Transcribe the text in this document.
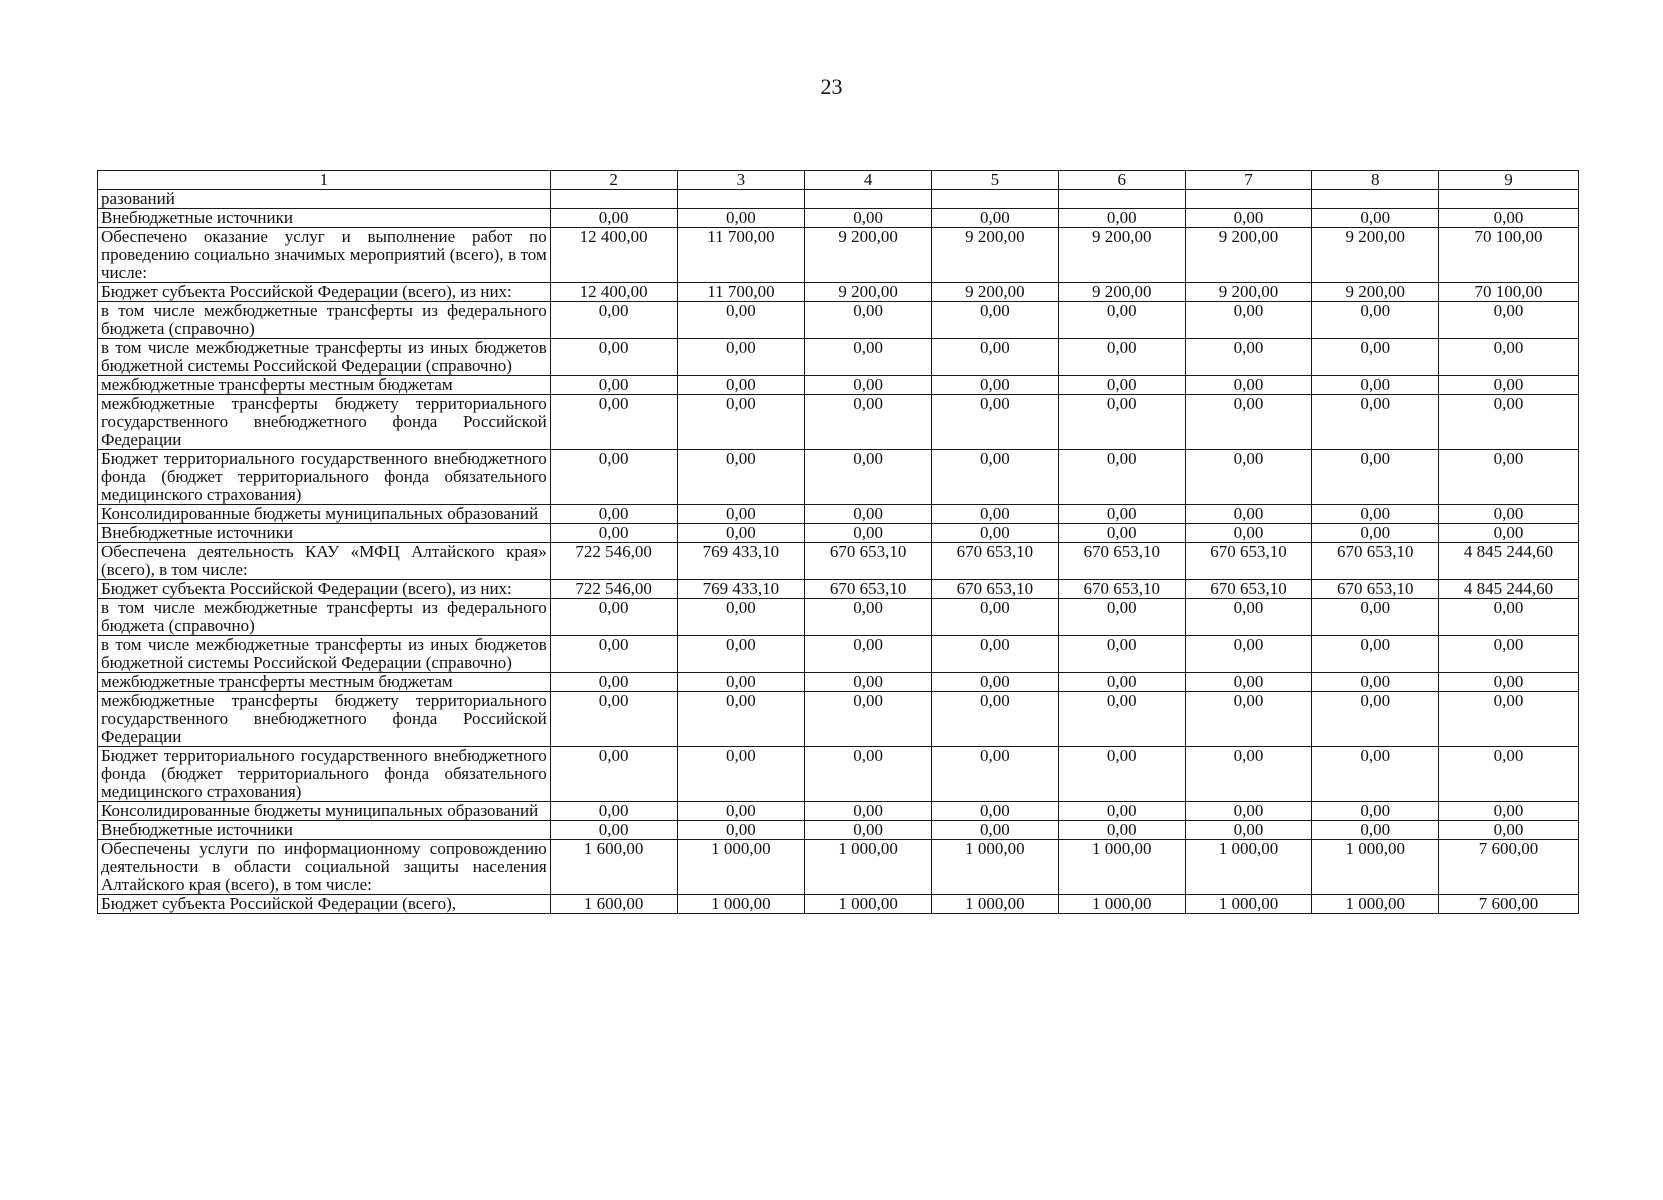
23
1	2	3	4	5	6	7	8	9
разований								
Внебюджетные источники	0,00	0,00	0,00	0,00	0,00	0,00	0,00	0,00
Обеспечено оказание услуг и выполнение работ по проведению социально значимых мероприятий (всего), в том числе:	12 400,00	11 700,00	9 200,00	9 200,00	9 200,00	9 200,00	9 200,00	70 100,00
Бюджет субъекта Российской Федерации (всего), из них:	12 400,00	11 700,00	9 200,00	9 200,00	9 200,00	9 200,00	9 200,00	70 100,00
в том числе межбюджетные трансферты из федерального бюджета (справочно)	0,00	0,00	0,00	0,00	0,00	0,00	0,00	0,00
в том числе межбюджетные трансферты из иных бюджетов бюджетной системы Российской Федерации (справочно)	0,00	0,00	0,00	0,00	0,00	0,00	0,00	0,00
межбюджетные трансферты местным бюджетам	0,00	0,00	0,00	0,00	0,00	0,00	0,00	0,00
межбюджетные трансферты бюджету территориального государственного внебюджетного фонда Российской Федерации	0,00	0,00	0,00	0,00	0,00	0,00	0,00	0,00
Бюджет территориального государственного внебюджетного фонда (бюджет территориального фонда обязательного медицинского страхования)	0,00	0,00	0,00	0,00	0,00	0,00	0,00	0,00
Консолидированные бюджеты муниципальных образований	0,00	0,00	0,00	0,00	0,00	0,00	0,00	0,00
Внебюджетные источники	0,00	0,00	0,00	0,00	0,00	0,00	0,00	0,00
Обеспечена деятельность КАУ «МФЦ Алтайского края» (всего), в том числе:	722 546,00	769 433,10	670 653,10	670 653,10	670 653,10	670 653,10	670 653,10	4 845 244,60
Бюджет субъекта Российской Федерации (всего), из них:	722 546,00	769 433,10	670 653,10	670 653,10	670 653,10	670 653,10	670 653,10	4 845 244,60
в том числе межбюджетные трансферты из федерального бюджета (справочно)	0,00	0,00	0,00	0,00	0,00	0,00	0,00	0,00
в том числе межбюджетные трансферты из иных бюджетов бюджетной системы Российской Федерации (справочно)	0,00	0,00	0,00	0,00	0,00	0,00	0,00	0,00
межбюджетные трансферты местным бюджетам	0,00	0,00	0,00	0,00	0,00	0,00	0,00	0,00
межбюджетные трансферты бюджету территориального государственного внебюджетного фонда Российской Федерации	0,00	0,00	0,00	0,00	0,00	0,00	0,00	0,00
Бюджет территориального государственного внебюджетного фонда (бюджет территориального фонда обязательного медицинского страхования)	0,00	0,00	0,00	0,00	0,00	0,00	0,00	0,00
Консолидированные бюджеты муниципальных образований	0,00	0,00	0,00	0,00	0,00	0,00	0,00	0,00
Внебюджетные источники	0,00	0,00	0,00	0,00	0,00	0,00	0,00	0,00
Обеспечены услуги по информационному сопровождению деятельности в области социальной защиты населения Алтайского края (всего), в том числе:	1 600,00	1 000,00	1 000,00	1 000,00	1 000,00	1 000,00	1 000,00	7 600,00
Бюджет субъекта Российской Федерации (всего),	1 600,00	1 000,00	1 000,00	1 000,00	1 000,00	1 000,00	1 000,00	7 600,00
